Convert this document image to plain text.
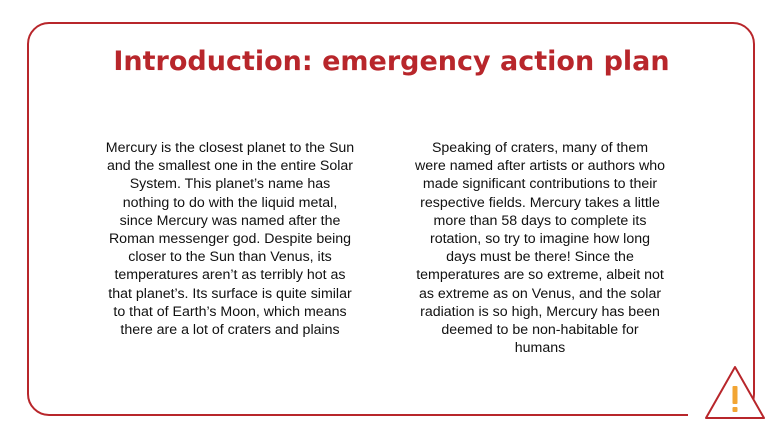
Introduction: emergency action plan

Mercury is the closest planet to the Sun and the smallest one in the entire Solar System. This planet’s name has nothing to do with the liquid metal, since Mercury was named after the Roman messenger god. Despite being closer to the Sun than Venus, its temperatures aren’t as terribly hot as that planet’s. Its surface is quite similar to that of Earth’s Moon, which means there are a lot of craters and plains

Speaking of craters, many of them were named after artists or authors who made significant contributions to their respective fields. Mercury takes a little more than 58 days to complete its rotation, so try to imagine how long days must be there! Since the temperatures are so extreme, albeit not as extreme as on Venus, and the solar radiation is so high, Mercury has been deemed to be non-habitable for humans
